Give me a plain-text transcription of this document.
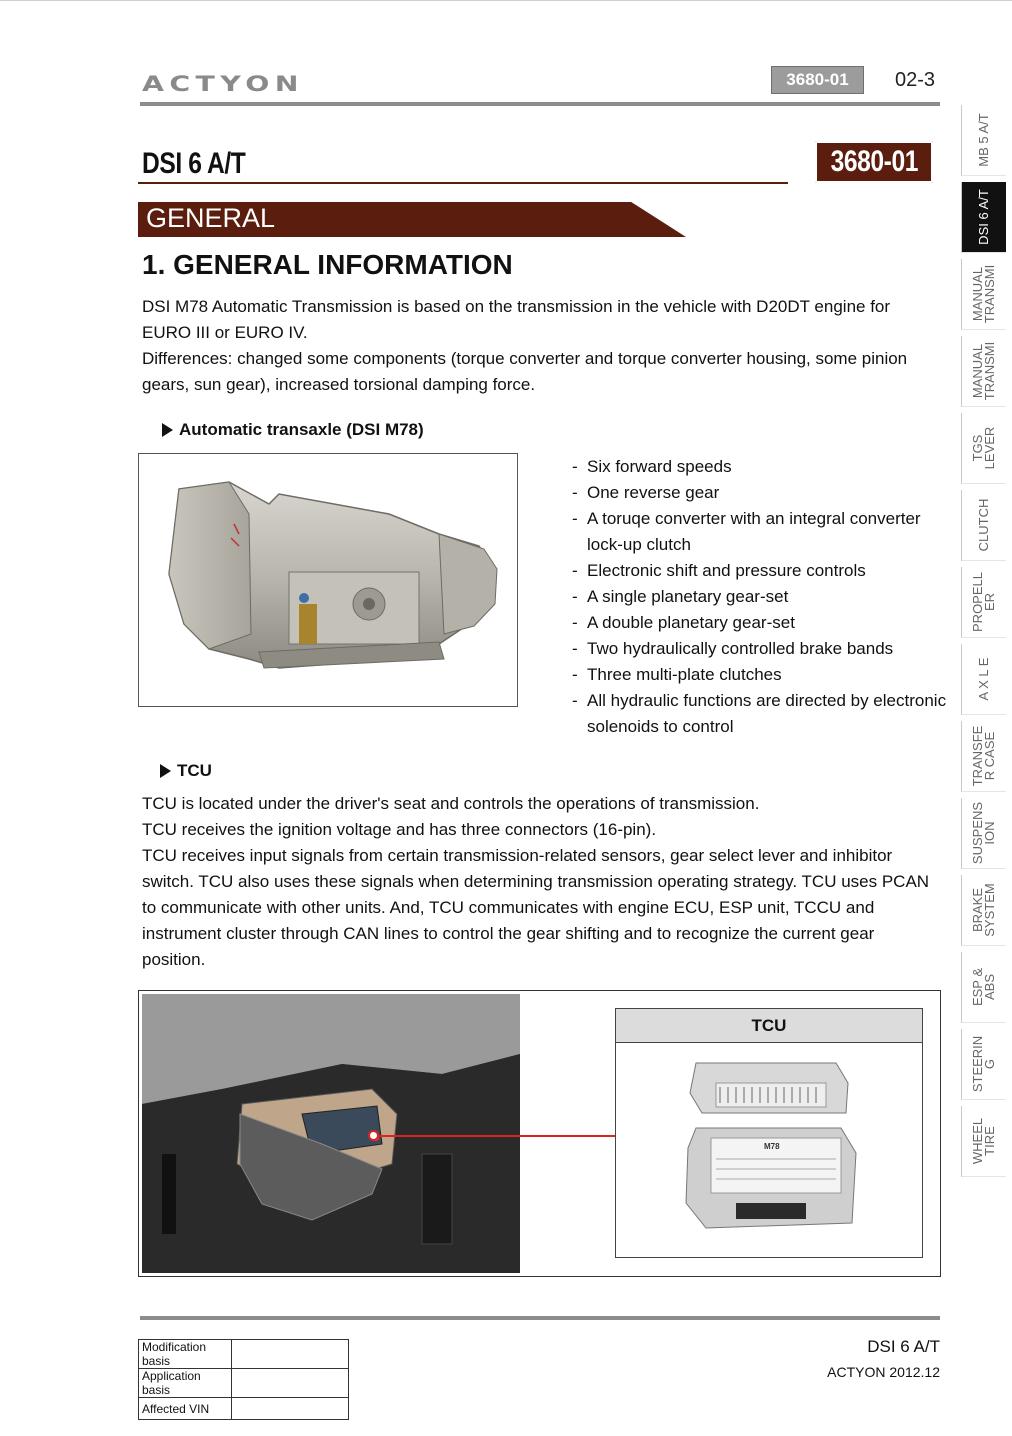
ACTYON	3680-01	02-3
DSI 6 A/T	3680-01
GENERAL
1. GENERAL INFORMATION
DSI M78 Automatic Transmission is based on the transmission in the vehicle with D20DT engine for EURO III or EURO IV.
Differences: changed some components (torque converter and torque converter housing, some pinion gears, sun gear), increased torsional damping force.
Automatic transaxle (DSI M78)
- Six forward speeds
- One reverse gear
- A toruqe converter with an integral converter lock-up clutch
- Electronic shift and pressure controls
- A single planetary gear-set
- A double planetary gear-set
- Two hydraulically controlled brake bands
- Three multi-plate clutches
- All hydraulic functions are directed by electronic solenoids to control
TCU
TCU is located under the driver's seat and controls the operations of transmission.
TCU receives the ignition voltage and has three connectors (16-pin).
TCU receives input signals from certain transmission-related sensors, gear select lever and inhibitor switch. TCU also uses these signals when determining transmission operating strategy. TCU uses PCAN to communicate with other units. And, TCU communicates with engine ECU, ESP unit, TCCU and instrument cluster through CAN lines to control the gear shifting and to recognize the current gear position.
TCU
M78
Modification basis	
Application basis	
Affected VIN	
DSI 6 A/T
ACTYON 2012.12
MB 5 A/T
DSI 6 A/T
MANUAL
TRANSMI
MANUAL
TRANSMI
TGS
LEVER
CLUTCH
PROPELL
ER
A X L E
TRANSFE
R CASE
SUSPENS
ION
BRAKE
SYSTEM
ESP &
ABS
STEERIN
G
WHEEL
TIRE
